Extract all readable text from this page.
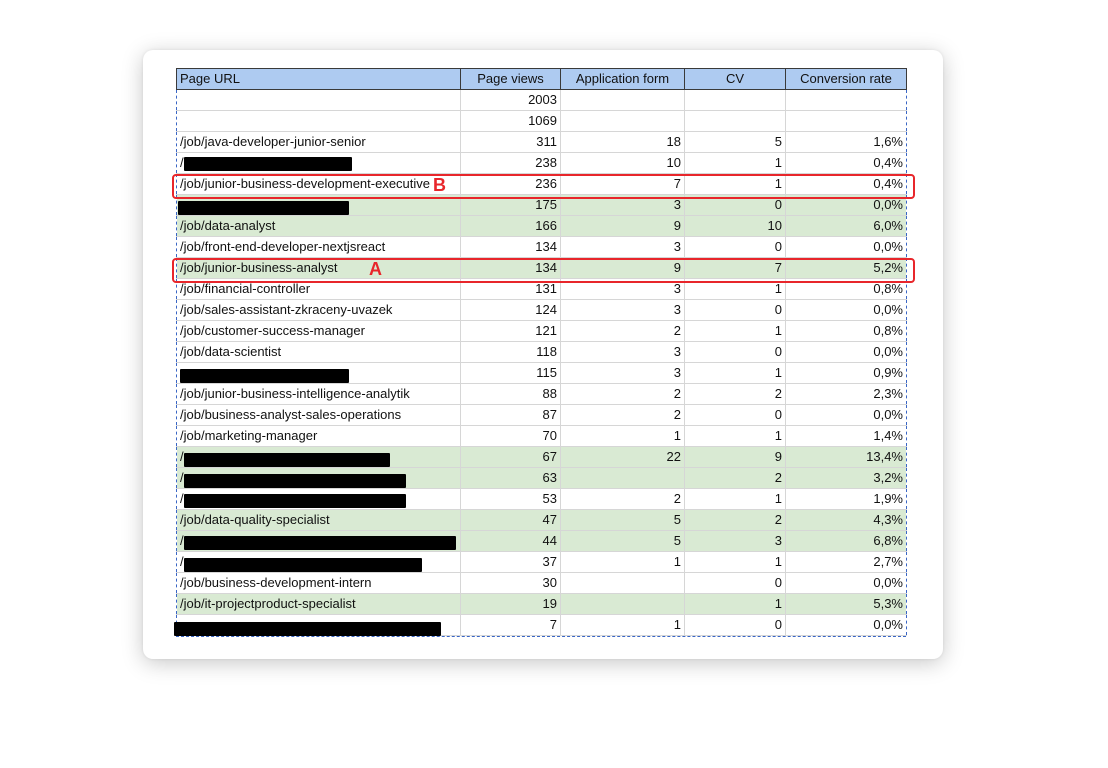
Page URL	Page views	Application form	CV	Conversion rate
	2003			
	1069			
/job/java-developer-junior-senior	311	18	5	1,6%
/	238	10	1	0,4%
/job/junior-business-development-executive	236	7	1	0,4%
	175	3	0	0,0%
/job/data-analyst	166	9	10	6,0%
/job/front-end-developer-nextjsreact	134	3	0	0,0%
/job/junior-business-analyst	134	9	7	5,2%
/job/financial-controller	131	3	1	0,8%
/job/sales-assistant-zkraceny-uvazek	124	3	0	0,0%
/job/customer-success-manager	121	2	1	0,8%
/job/data-scientist	118	3	0	0,0%
	115	3	1	0,9%
/job/junior-business-intelligence-analytik	88	2	2	2,3%
/job/business-analyst-sales-operations	87	2	0	0,0%
/job/marketing-manager	70	1	1	1,4%
/	67	22	9	13,4%
/	63		2	3,2%
/	53	2	1	1,9%
/job/data-quality-specialist	47	5	2	4,3%
/	44	5	3	6,8%
/	37	1	1	2,7%
/job/business-development-intern	30		0	0,0%
/job/it-projectproduct-specialist	19		1	5,3%
	7	1	0	0,0%
B
A
